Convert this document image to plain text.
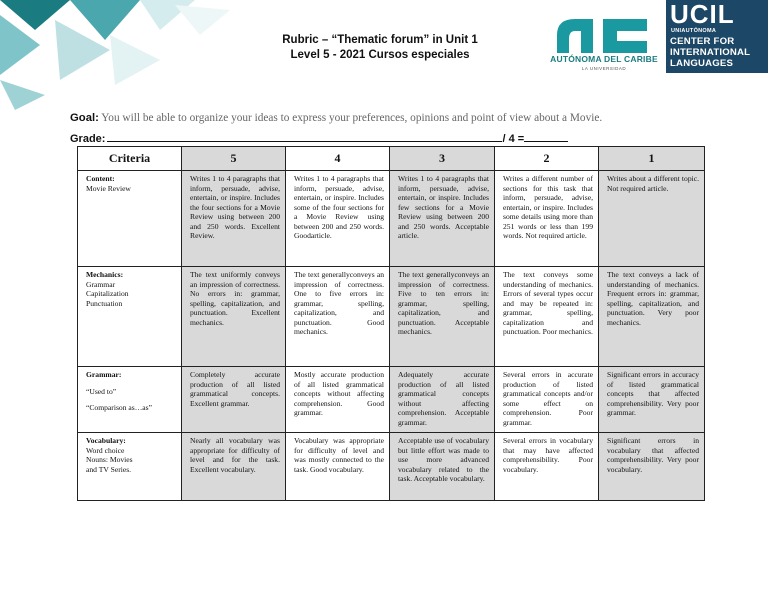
Rubric – “Thematic forum” in Unit 1
Level 5 - 2021 Cursos especiales	AUTÓNOMA DEL CARIBE
LA UNIVERSIDAD
UCIL
UNIAUTÓNOMA
CENTER FOR
INTERNATIONAL
LANGUAGES
Goal: You will be able to organize your ideas to express your preferences, opinions and point of view about a Movie.
Grade:	/ 4 =
Criteria	5	4	3	2	1

Content:
Movie Review	Writes 1 to 4 paragraphs that inform, persuade, advise, entertain, or inspire. Includes the four sections for a Movie Review using between 200 and 250 words. Excellent Review.	Writes 1 to 4 paragraphs that inform, persuade, advise, entertain, or inspire. Includes some of the four sections for a Movie Review using between 200 and 250 words. Goodarticle.	Writes 1 to 4 paragraphs that inform, persuade, advise, entertain, or inspire. Includes few sections for a Movie Review using between 200 and 250 words. Acceptable article.	Writes a different number of sections for this task that inform, persuade, advise, entertain, or inspire. Includes some details using more than 251 words or less than 199 words. Not required article.	Writes about a different topic. Not required article.

Mechanics:
Grammar
Capitalization
Punctuation	The text uniformly conveys an impression of correctness. No errors in: grammar, spelling, capitalization, and punctuation. Excellent mechanics.	The text generallyconveys an impression of correctness. One to five errors in: grammar, spelling, capitalization, and punctuation. Good mechanics.	The text generallyconveys an impression of correctness. Five to ten errors in: grammar, spelling, capitalization, and punctuation. Acceptable mechanics.	The text conveys some understanding of mechanics. Errors of several types occur and may be repeated in: grammar, spelling, capitalization and punctuation. Poor mechanics.	The text conveys a lack of understanding of mechanics. Frequent errors in: grammar, spelling, capitalization, and punctuation. Very poor mechanics.

Grammar:
“Used to”
“Comparison as…as”	Completely accurate production of all listed grammatical concepts. Excellent grammar.	Mostly accurate production of all listed grammatical concepts without affecting comprehension. Good grammar.	Adequately accurate production of all listed grammatical concepts without affecting comprehension. Acceptable grammar.	Several errors in accurate production of listed grammatical concepts and/or some effect on comprehension. Poor grammar.	Significant errors in accuracy of listed grammatical concepts that affected comprehensibility. Very poor grammar.

Vocabulary:
Word choice
Nouns: Movies
and TV Series.	Nearly all vocabulary was appropriate for difficulty of level and for the task. Excellent vocabulary.	Vocabulary was appropriate for difficulty of level and was mostly connected to the task. Good vocabulary.	Acceptable use of vocabulary but little effort was made to use more advanced vocabulary related to the task. Acceptable vocabulary.	Several errors in vocabulary that may have affected comprehensibility. Poor vocabulary.	Significant errors in vocabulary that affected comprehensibility. Very poor vocabulary.
